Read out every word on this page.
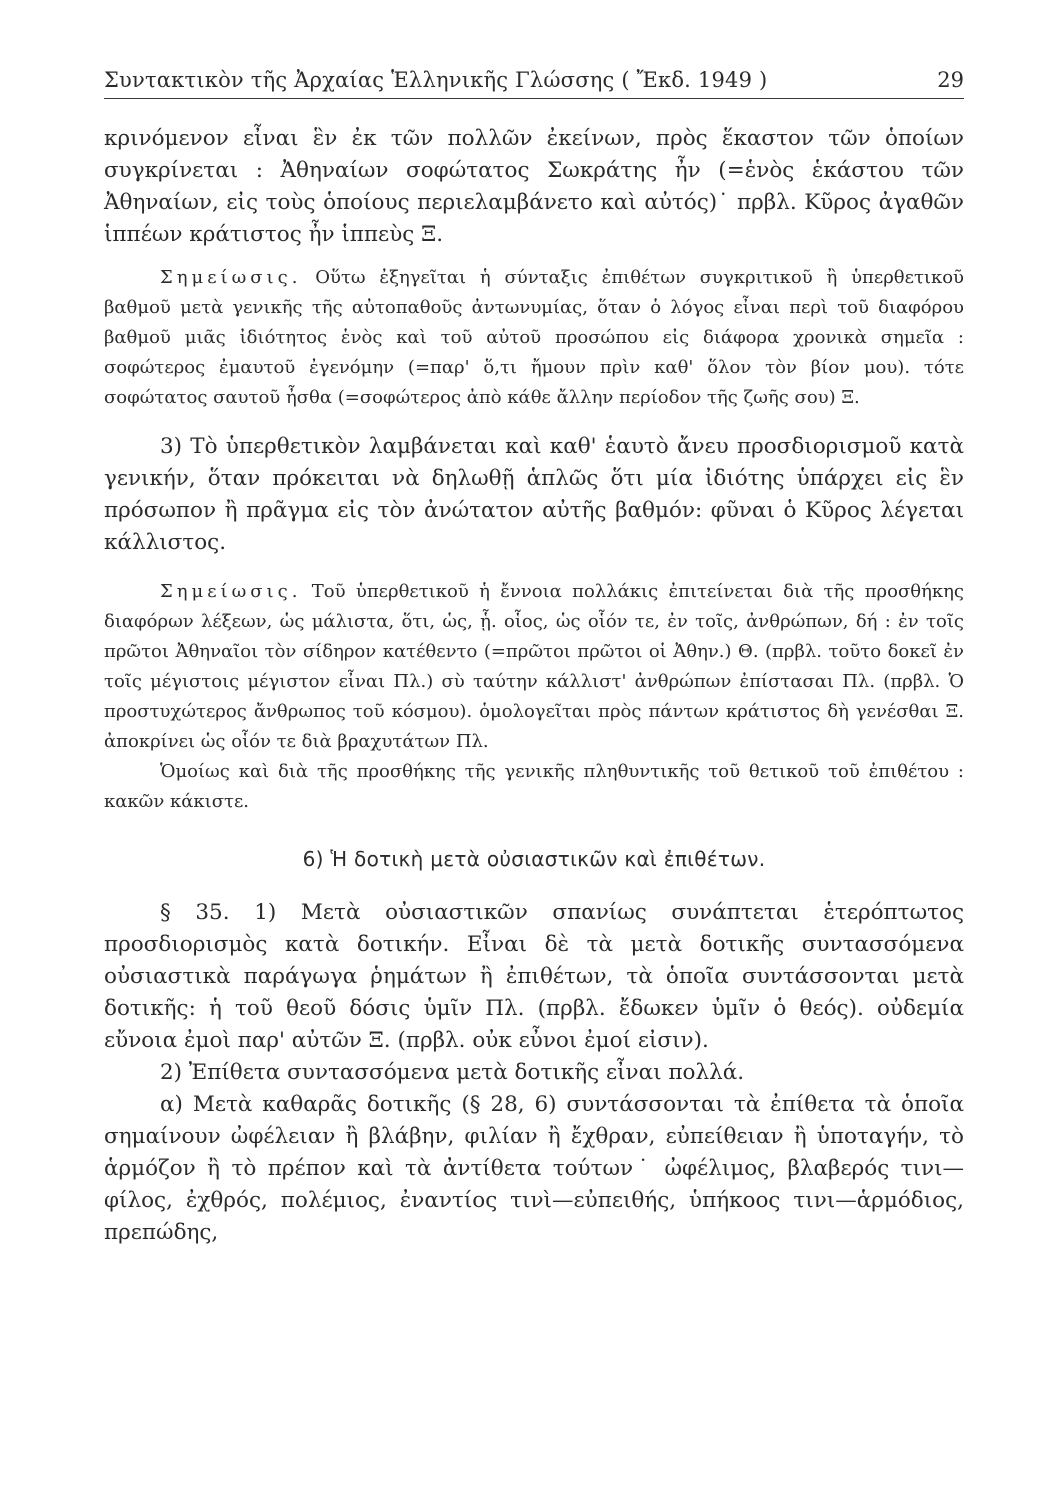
Συντακτικὸν τῆς Ἀρχαίας Ἑλληνικῆς Γλώσσης ( Ἔκδ. 1949 )	29

κρινόμενον εἶναι ἓν ἐκ τῶν πολλῶν ἐκείνων, πρὸς ἕκαστον τῶν ὁποίων συγκρίνεται : Ἀθηναίων σοφώτατος Σωκράτης ἦν (=ἑνὸς ἑκάστου τῶν Ἀθηναίων, εἰς τοὺς ὁποίους περιελαμβάνετο καὶ αὐτός)˙ πρβλ. Κῦρος ἀγαθῶν ἱππέων κράτιστος ἦν ἱππεὺς Ξ.

Σημείωσις. Οὕτω ἐξηγεῖται ἡ σύνταξις ἐπιθέτων συγκριτικοῦ ἢ ὑπερθετικοῦ βαθμοῦ μετὰ γενικῆς τῆς αὐτοπαθοῦς ἀντωνυμίας, ὅταν ὁ λόγος εἶναι περὶ τοῦ διαφόρου βαθμοῦ μιᾶς ἰδιότητος ἑνὸς καὶ τοῦ αὐτοῦ προσώπου εἰς διάφορα χρονικὰ σημεῖα : σοφώτερος ἐμαυτοῦ ἐγενόμην (=παρ' ὅ,τι ἤμουν πρὶν καθ' ὅλον τὸν βίον μου). τότε σοφώτατος σαυτοῦ ἦσθα (=σοφώτερος ἀπὸ κάθε ἄλλην περίοδον τῆς ζωῆς σου) Ξ.

3) Τὸ ὑπερθετικὸν λαμβάνεται καὶ καθ' ἑαυτὸ ἄνευ προσδιορισμοῦ κατὰ γενικήν, ὅταν πρόκειται νὰ δηλωθῇ ἁπλῶς ὅτι μία ἰδιότης ὑπάρχει εἰς ἓν πρόσωπον ἢ πρᾶγμα εἰς τὸν ἀνώτατον αὐτῆς βαθμόν: φῦναι ὁ Κῦρος λέγεται κάλλιστος.

Σημείωσις. Τοῦ ὑπερθετικοῦ ἡ ἔννοια πολλάκις ἐπιτείνεται διὰ τῆς προσθήκης διαφόρων λέξεων, ὡς μάλιστα, ὅτι, ὡς, ᾗ. οἷος, ὡς οἷόν τε, ἐν τοῖς, ἀνθρώπων, δή : ἐν τοῖς πρῶτοι Ἀθηναῖοι τὸν σίδηρον κατέθεντο (=πρῶτοι πρῶτοι οἱ Ἀθην.) Θ. (πρβλ. τοῦτο δοκεῖ ἐν τοῖς μέγιστοις μέγιστον εἶναι Πλ.) σὺ ταύτην κάλλιστ' ἀνθρώπων ἐπίστασαι Πλ. (πρβλ. Ὁ προστυχώτερος ἄνθρωπος τοῦ κόσμου). ὁμολογεῖται πρὸς πάντων κράτιστος δὴ γενέσθαι Ξ. ἀποκρίνει ὡς οἷόν τε διὰ βραχυτάτων Πλ.

Ὁμοίως καὶ διὰ τῆς προσθήκης τῆς γενικῆς πληθυντικῆς τοῦ θετικοῦ τοῦ ἐπιθέτου : κακῶν κάκιστε.

6) Ἡ δοτικὴ μετὰ οὐσιαστικῶν καὶ ἐπιθέτων.

§ 35. 1) Μετὰ οὐσιαστικῶν σπανίως συνάπτεται ἑτερόπτωτος προσδιορισμὸς κατὰ δοτικήν. Εἶναι δὲ τὰ μετὰ δοτικῆς συντασσόμενα οὐσιαστικὰ παράγωγα ῥημάτων ἢ ἐπιθέτων, τὰ ὁποῖα συντάσσονται μετὰ δοτικῆς: ἡ τοῦ θεοῦ δόσις ὑμῖν Πλ. (πρβλ. ἔδωκεν ὑμῖν ὁ θεός). οὐδεμία εὔνοια ἐμοὶ παρ' αὐτῶν Ξ. (πρβλ. οὐκ εὖνοι ἐμοί εἰσιν).

2) Ἐπίθετα συντασσόμενα μετὰ δοτικῆς εἶναι πολλά.

α) Μετὰ καθαρᾶς δοτικῆς (§ 28, 6) συντάσσονται τὰ ἐπίθετα τὰ ὁποῖα σημαίνουν ὠφέλειαν ἢ βλάβην, φιλίαν ἢ ἔχθραν, εὐπείθειαν ἢ ὑποταγήν, τὸ ἁρμόζον ἢ τὸ πρέπον καὶ τὰ ἀντίθετα τούτων˙ ὠφέλιμος, βλαβερός τινι—φίλος, ἐχθρός, πολέμιος, ἐναντίος τινὶ—εὐπειθής, ὑπήκοος τινι—ἁρμόδιος, πρεπώδης,
